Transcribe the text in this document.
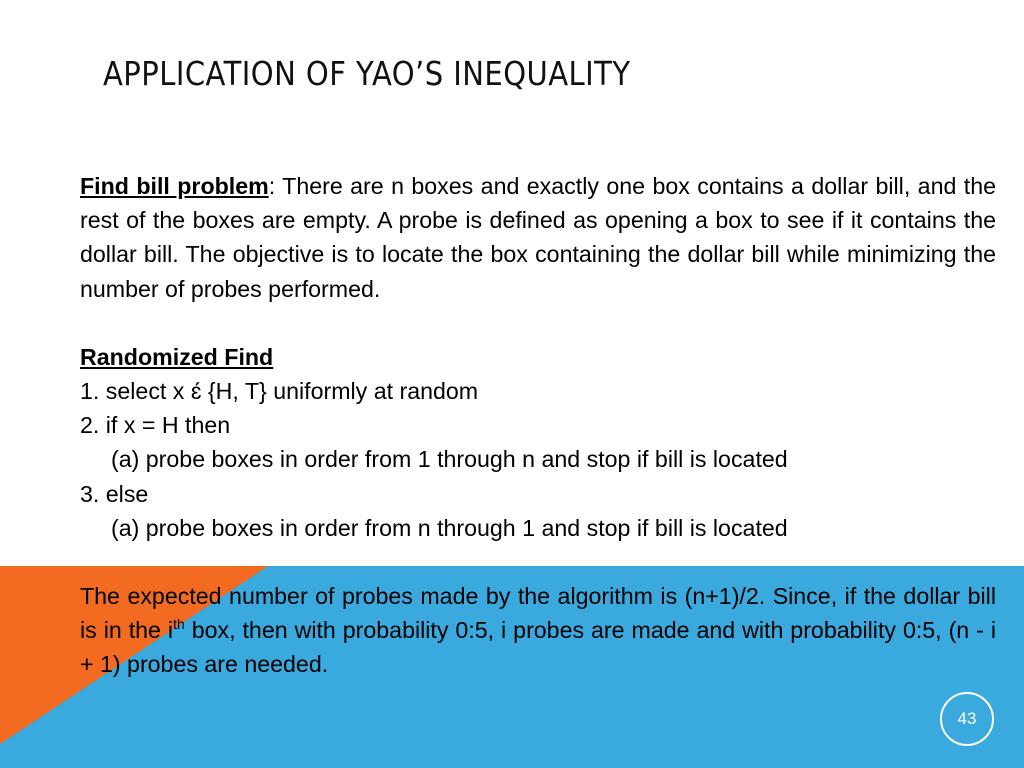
APPLICATION OF YAO’S INEQUALITY

Find bill problem: There are n boxes and exactly one box contains a dollar bill, and the rest of the boxes are empty. A probe is defined as opening a box to see if it contains the dollar bill. The objective is to locate the box containing the dollar bill while minimizing the number of probes performed.

Randomized Find

1. select x ɛ́ {H, T} uniformly at random

2. if x = H then

(a) probe boxes in order from 1 through n and stop if bill is located

3. else

(a) probe boxes in order from n through 1 and stop if bill is located

The expected number of probes made by the algorithm is (n+1)/2. Since, if the dollar bill is in the $i^{th}$ box, then with probability 0:5, i probes are made and with probability 0:5, (n - i + 1) probes are needed.

43
